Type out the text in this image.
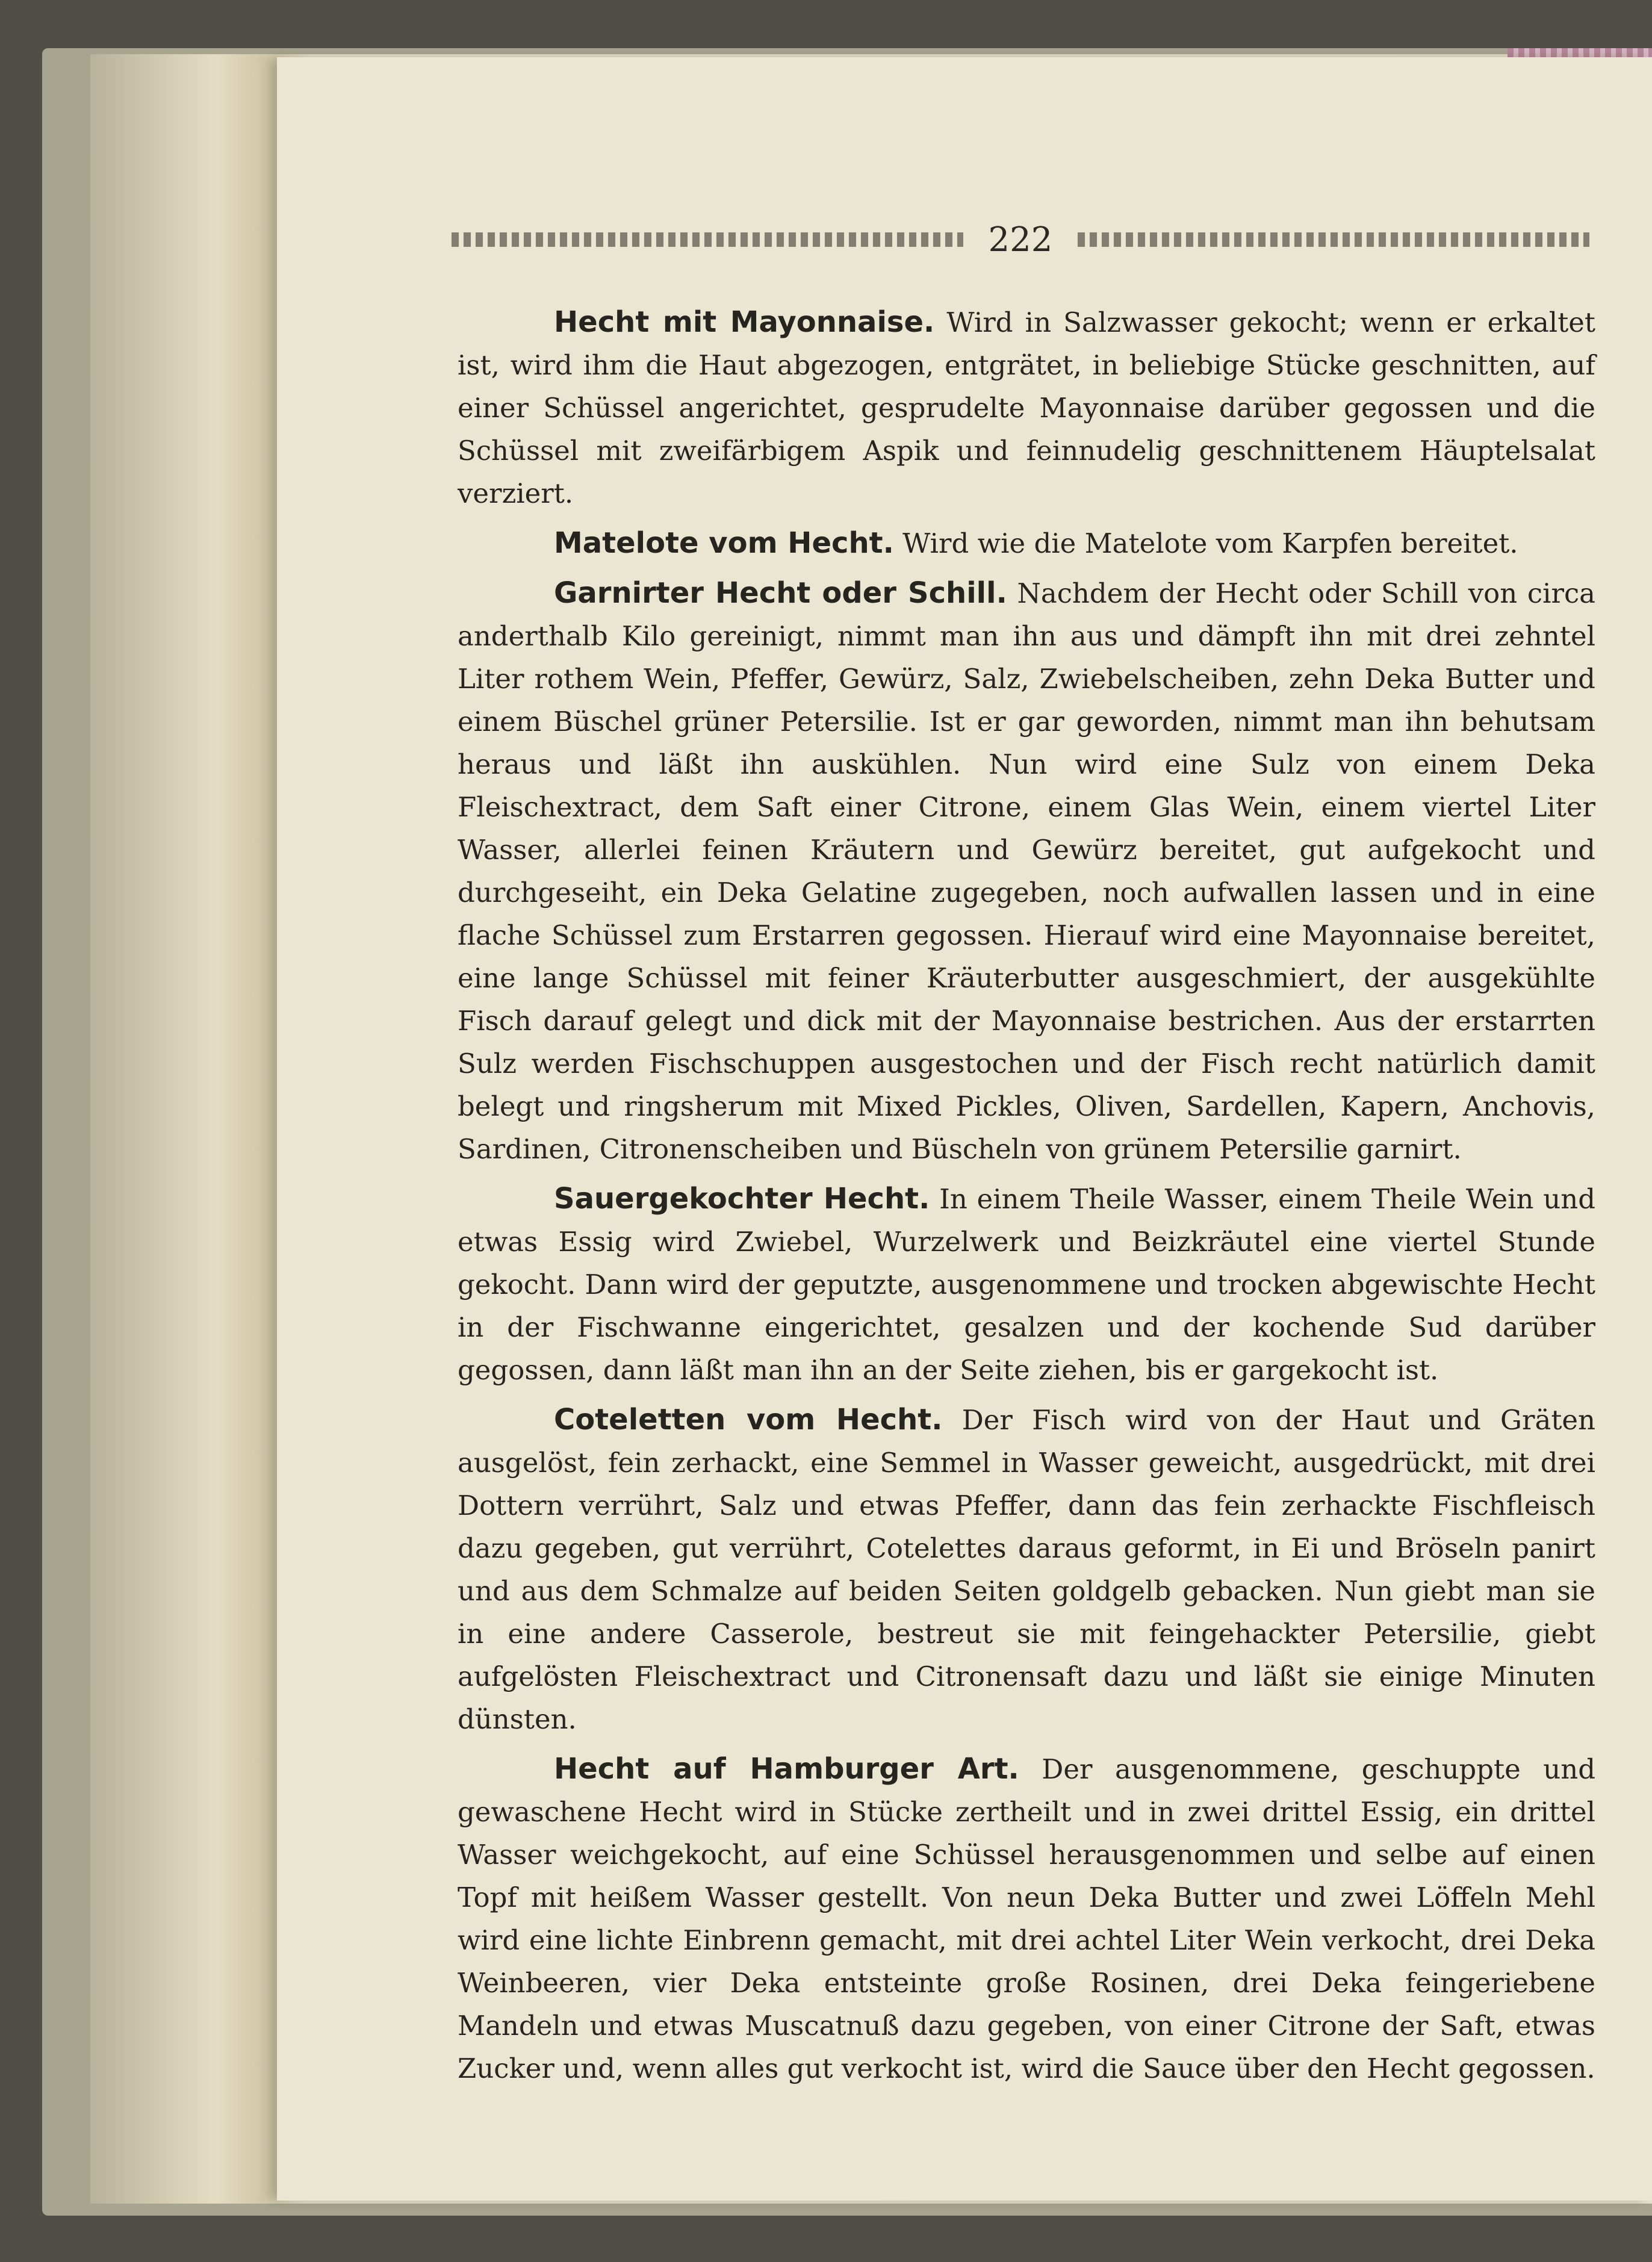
222

Hecht mit Mayonnaise. Wird in Salzwasser gekocht; wenn er erkaltet ist, wird ihm die Haut abgezogen, entgrätet, in beliebige Stücke geschnitten, auf einer Schüssel angerichtet, gesprudelte Mayonnaise darüber gegossen und die Schüssel mit zweifärbigem Aspik und feinnudelig geschnittenem Häuptelsalat verziert.

Matelote vom Hecht. Wird wie die Matelote vom Karpfen bereitet.

Garnirter Hecht oder Schill. Nachdem der Hecht oder Schill von circa anderthalb Kilo gereinigt, nimmt man ihn aus und dämpft ihn mit drei zehntel Liter rothem Wein, Pfeffer, Gewürz, Salz, Zwiebelscheiben, zehn Deka Butter und einem Büschel grüner Petersilie. Ist er gar geworden, nimmt man ihn behutsam heraus und läßt ihn auskühlen. Nun wird eine Sulz von einem Deka Fleischextract, dem Saft einer Citrone, einem Glas Wein, einem viertel Liter Wasser, allerlei feinen Kräutern und Gewürz bereitet, gut aufgekocht und durchgeseiht, ein Deka Gelatine zugegeben, noch aufwallen lassen und in eine flache Schüssel zum Erstarren gegossen. Hierauf wird eine Mayonnaise bereitet, eine lange Schüssel mit feiner Kräuterbutter ausgeschmiert, der ausgekühlte Fisch darauf gelegt und dick mit der Mayonnaise bestrichen. Aus der erstarrten Sulz werden Fischschuppen ausgestochen und der Fisch recht natürlich damit belegt und ringsherum mit Mixed Pickles, Oliven, Sardellen, Kapern, Anchovis, Sardinen, Citronenscheiben und Büscheln von grünem Petersilie garnirt.

Sauergekochter Hecht. In einem Theile Wasser, einem Theile Wein und etwas Essig wird Zwiebel, Wurzelwerk und Beizkräutel eine viertel Stunde gekocht. Dann wird der geputzte, ausgenommene und trocken abgewischte Hecht in der Fischwanne eingerichtet, gesalzen und der kochende Sud darüber gegossen, dann läßt man ihn an der Seite ziehen, bis er gargekocht ist.

Coteletten vom Hecht. Der Fisch wird von der Haut und Gräten ausgelöst, fein zerhackt, eine Semmel in Wasser geweicht, ausgedrückt, mit drei Dottern verrührt, Salz und etwas Pfeffer, dann das fein zerhackte Fischfleisch dazu gegeben, gut verrührt, Cotelettes daraus geformt, in Ei und Bröseln panirt und aus dem Schmalze auf beiden Seiten goldgelb gebacken. Nun giebt man sie in eine andere Casserole, bestreut sie mit feingehackter Petersilie, giebt aufgelösten Fleischextract und Citronensaft dazu und läßt sie einige Minuten dünsten.

Hecht auf Hamburger Art. Der ausgenommene, geschuppte und gewaschene Hecht wird in Stücke zertheilt und in zwei drittel Essig, ein drittel Wasser weichgekocht, auf eine Schüssel herausgenommen und selbe auf einen Topf mit heißem Wasser gestellt. Von neun Deka Butter und zwei Löffeln Mehl wird eine lichte Einbrenn gemacht, mit drei achtel Liter Wein verkocht, drei Deka Weinbeeren, vier Deka entsteinte große Rosinen, drei Deka feingeriebene Mandeln und etwas Muscatnuß dazu gegeben, von einer Citrone der Saft, etwas Zucker und, wenn alles gut verkocht ist, wird die Sauce über den Hecht gegossen.
